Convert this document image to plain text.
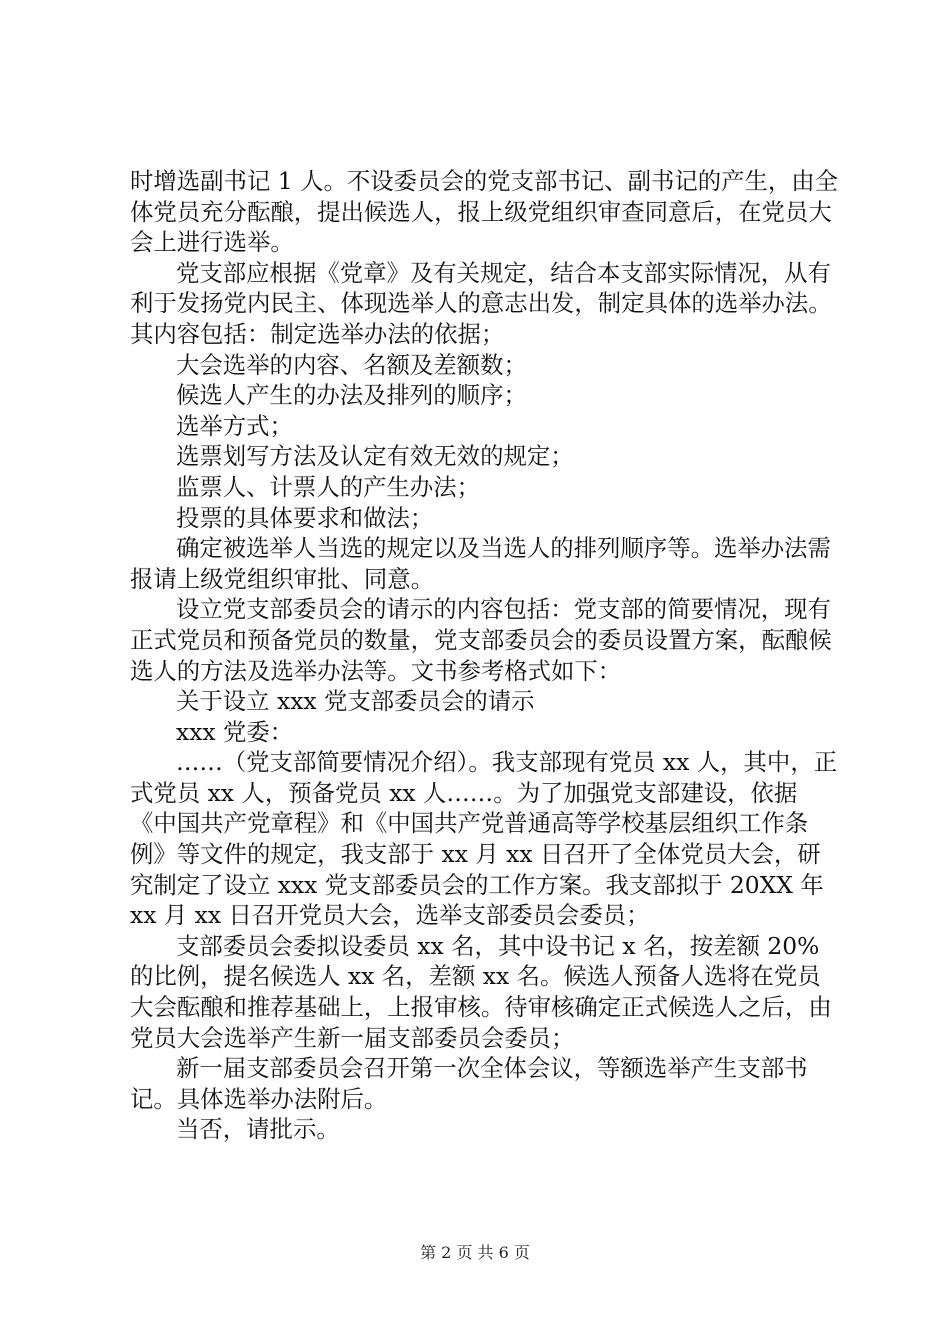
时增选副书记 1 人。不设委员会的党支部书记、副书记的产生，由全体党员充分酝酿，提出候选人，报上级党组织审查同意后，在党员大会上进行选举。

党支部应根据《党章》及有关规定，结合本支部实际情况，从有利于发扬党内民主、体现选举人的意志出发，制定具体的选举办法。其内容包括：制定选举办法的依据；

大会选举的内容、名额及差额数；

候选人产生的办法及排列的顺序；

选举方式；

选票划写方法及认定有效无效的规定；

监票人、计票人的产生办法；

投票的具体要求和做法；

确定被选举人当选的规定以及当选人的排列顺序等。选举办法需报请上级党组织审批、同意。

设立党支部委员会的请示的内容包括：党支部的简要情况，现有正式党员和预备党员的数量，党支部委员会的委员设置方案，酝酿候选人的方法及选举办法等。文书参考格式如下：

关于设立 xxx 党支部委员会的请示

xxx 党委：

……（党支部简要情况介绍）。我支部现有党员 xx 人，其中，正式党员 xx 人，预备党员 xx 人……。为了加强党支部建设，依据《中国共产党章程》和《中国共产党普通高等学校基层组织工作条例》等文件的规定，我支部于 xx 月 xx 日召开了全体党员大会，研究制定了设立 xxx 党支部委员会的工作方案。我支部拟于 20XX 年 xx 月 xx 日召开党员大会，选举支部委员会委员；

支部委员会委拟设委员 xx 名，其中设书记 x 名，按差额 20%的比例，提名候选人 xx 名，差额 xx 名。候选人预备人选将在党员大会酝酿和推荐基础上，上报审核。待审核确定正式候选人之后，由党员大会选举产生新一届支部委员会委员；

新一届支部委员会召开第一次全体会议，等额选举产生支部书记。具体选举办法附后。

当否，请批示。

第 2 页 共 6 页
